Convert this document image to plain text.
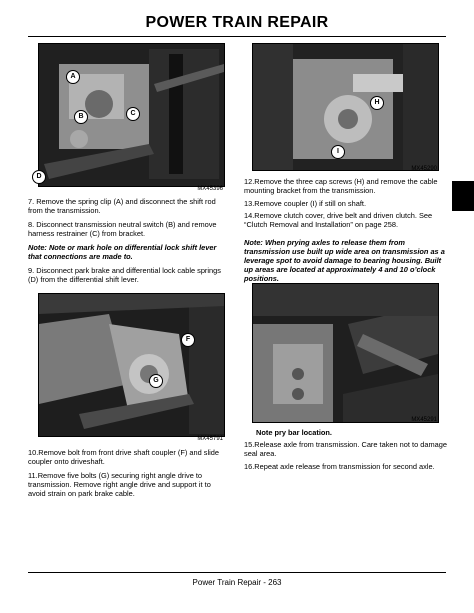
POWER TRAIN REPAIR
A
B	C
D
MX45396
7. Remove the spring clip (A) and disconnect the shift rod from the transmission.
8. Disconnect transmission neutral switch (B) and remove harness restrainer (C) from bracket.
Note: Note or mark hole on differential lock shift lever that connections are made to.
9. Disconnect park brake and differential lock cable springs (D) from the differential shift lever.
F
G
MX45791
10.Remove bolt from front drive shaft coupler (F) and slide coupler onto driveshaft.
11.Remove five bolts (G) securing right angle drive to transmission. Remove right angle drive and support it to avoid strain on park brake cable.
H
I
MX45290
12.Remove the three cap screws (H) and remove the cable mounting bracket from the transmission.
13.Remove coupler (I) if still on shaft.
14.Remove clutch cover, drive belt and driven clutch. See “Clutch Removal and Installation” on page 258.
Note: When prying axles to release them from transmission use built up wide area on transmission as a leverage spot to avoid damage to bearing housing. Built up areas are located at approximately 4 and 10 o’clock positions.
MX45291
Note pry bar location.
15.Release axle from transmission. Care taken not to damage seal area.
16.Repeat axle release from transmission for second axle.
Power Train Repair - 263
